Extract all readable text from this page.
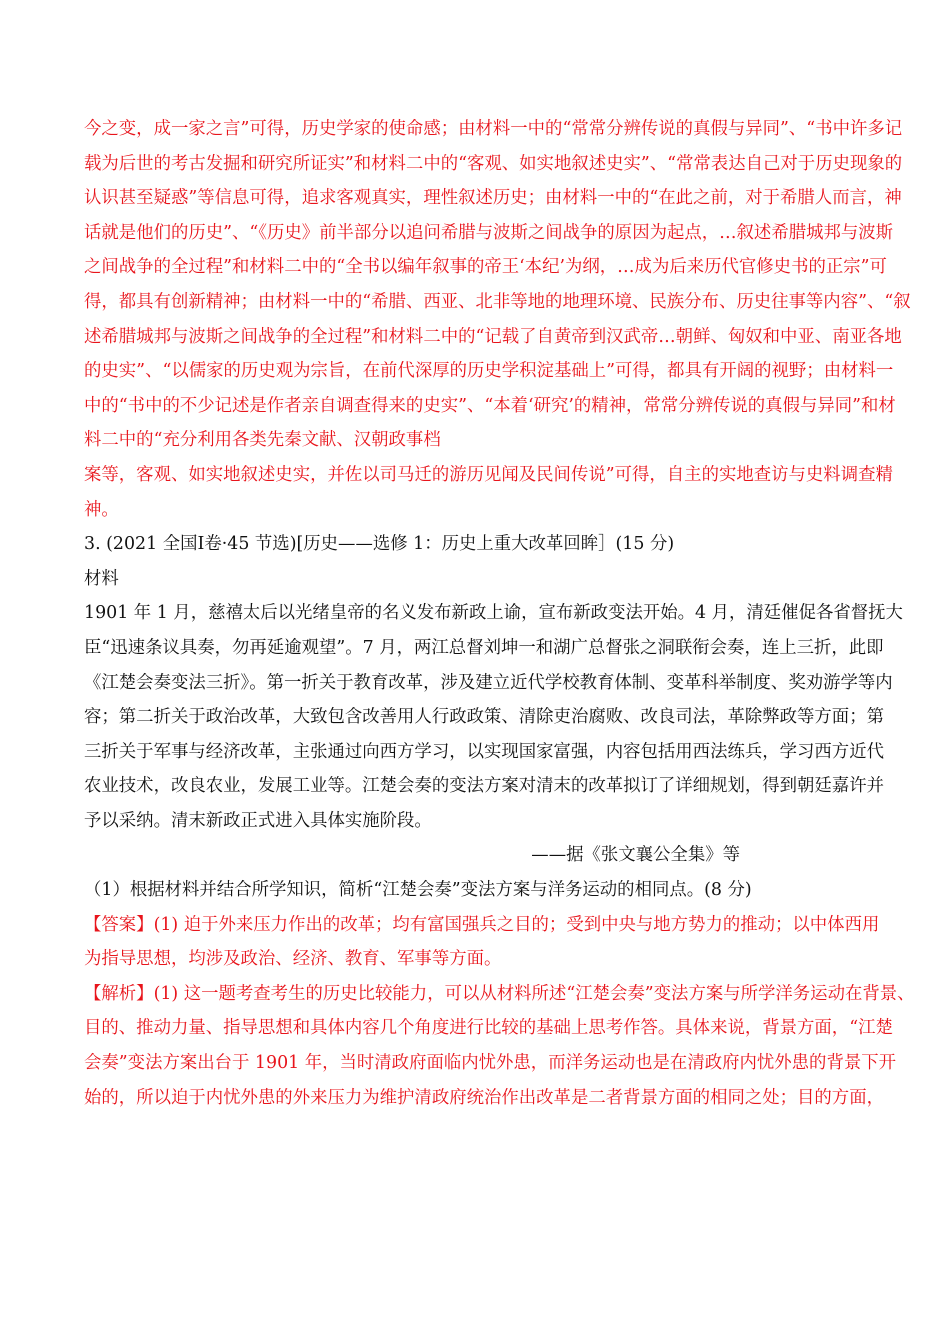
今之变，成一家之言”可得，历史学家的使命感；由材料一中的“常常分辨传说的真假与异同”、“书中许多记
载为后世的考古发掘和研究所证实”和材料二中的“客观、如实地叙述史实”、“常常表达自己对于历史现象的
认识甚至疑惑”等信息可得，追求客观真实，理性叙述历史；由材料一中的“在此之前，对于希腊人而言，神
话就是他们的历史”、“《历史》前半部分以追问希腊与波斯之间战争的原因为起点，…叙述希腊城邦与波斯
之间战争的全过程”和材料二中的“全书以编年叙事的帝王‘本纪’为纲，…成为后来历代官修史书的正宗”可
得，都具有创新精神；由材料一中的“希腊、西亚、北非等地的地理环境、民族分布、历史往事等内容”、“叙
述希腊城邦与波斯之间战争的全过程”和材料二中的“记载了自黄帝到汉武帝…朝鲜、匈奴和中亚、南亚各地
的史实”、“以儒家的历史观为宗旨，在前代深厚的历史学积淀基础上”可得，都具有开阔的视野；由材料一
中的“书中的不少记述是作者亲自调查得来的史实”、“本着‘研究’的精神，常常分辨传说的真假与异同”和材
料二中的“充分利用各类先秦文献、汉朝政事档
案等，客观、如实地叙述史实，并佐以司马迁的游历见闻及民间传说”可得，自主的实地查访与史料调查精
神。
3. (2021 全国Ⅰ卷·45 节选)[历史——选修 1：历史上重大改革回眸］(15 分)
材料
1901 年 1 月，慈禧太后以光绪皇帝的名义发布新政上谕，宣布新政变法开始。4 月，清廷催促各省督抚大
臣“迅速条议具奏，勿再延逾观望”。7 月，两江总督刘坤一和湖广总督张之洞联衔会奏，连上三折，此即
《江楚会奏变法三折》。第一折关于教育改革，涉及建立近代学校教育体制、变革科举制度、奖劝游学等内
容；第二折关于政治改革，大致包含改善用人行政政策、清除吏治腐败、改良司法，革除弊政等方面；第
三折关于军事与经济改革，主张通过向西方学习，以实现国家富强，内容包括用西法练兵，学习西方近代
农业技术，改良农业，发展工业等。江楚会奏的变法方案对清末的改革拟订了详细规划，得到朝廷嘉许并
予以采纳。清末新政正式进入具体实施阶段。
——据《张文襄公全集》等
（1）根据材料并结合所学知识，简析“江楚会奏”变法方案与洋务运动的相同点。(8 分)
【答案】(1) 迫于外来压力作出的改革；均有富国强兵之目的；受到中央与地方势力的推动；以中体西用
为指导思想，均涉及政治、经济、教育、军事等方面。
【解析】(1) 这一题考查考生的历史比较能力，可以从材料所述“江楚会奏”变法方案与所学洋务运动在背景、
目的、推动力量、指导思想和具体内容几个角度进行比较的基础上思考作答。具体来说，背景方面，“江楚
会奏”变法方案出台于 1901 年，当时清政府面临内忧外患，而洋务运动也是在清政府内忧外患的背景下开
始的，所以迫于内忧外患的外来压力为维护清政府统治作出改革是二者背景方面的相同之处；目的方面，
